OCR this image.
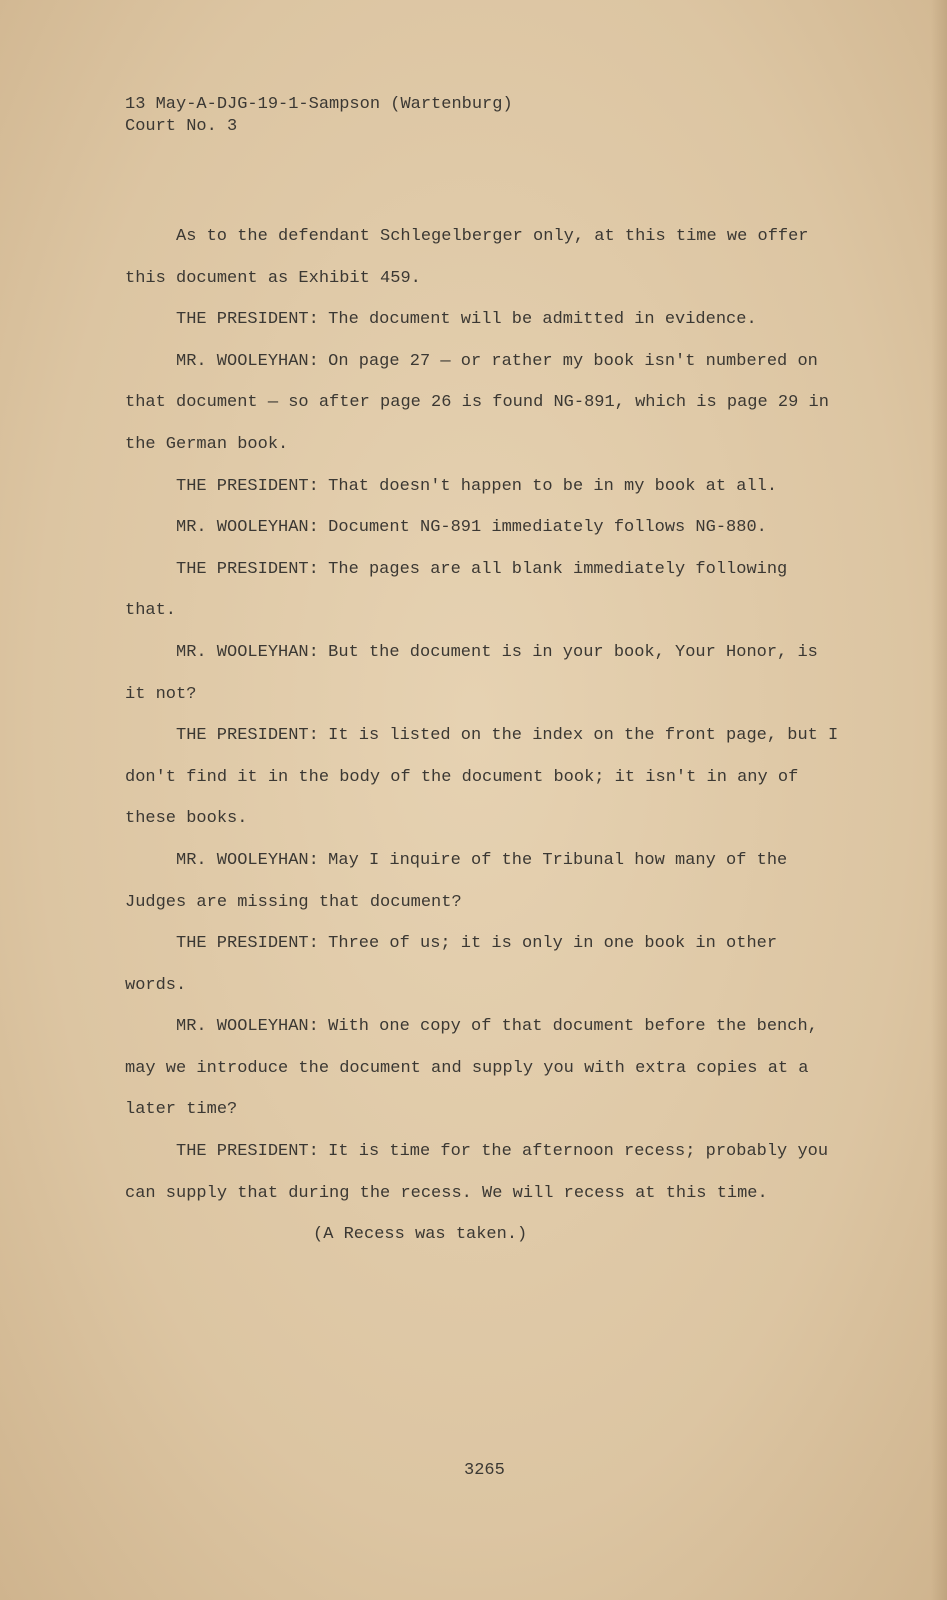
13 May-A-DJG-19-1-Sampson (Wartenburg)

Court No. 3

As to the defendant Schlegelberger only, at this time we offer this document as Exhibit 459.

THE PRESIDENT: The document will be admitted in evidence.

MR. WOOLEYHAN: On page 27 — or rather my book isn't numbered on that document — so after page 26 is found NG-891, which is page 29 in the German book.

THE PRESIDENT: That doesn't happen to be in my book at all.

MR. WOOLEYHAN: Document NG-891 immediately follows NG-880.

THE PRESIDENT: The pages are all blank immediately following that.

MR. WOOLEYHAN: But the document is in your book, Your Honor, is it not?

THE PRESIDENT: It is listed on the index on the front page, but I don't find it in the body of the document book; it isn't in any of these books.

MR. WOOLEYHAN: May I inquire of the Tribunal how many of the Judges are missing that document?

THE PRESIDENT: Three of us; it is only in one book in other words.

MR. WOOLEYHAN: With one copy of that document before the bench, may we introduce the document and supply you with extra copies at a later time?

THE PRESIDENT: It is time for the afternoon recess; probably you can supply that during the recess. We will recess at this time.

(A Recess was taken.)

3265
